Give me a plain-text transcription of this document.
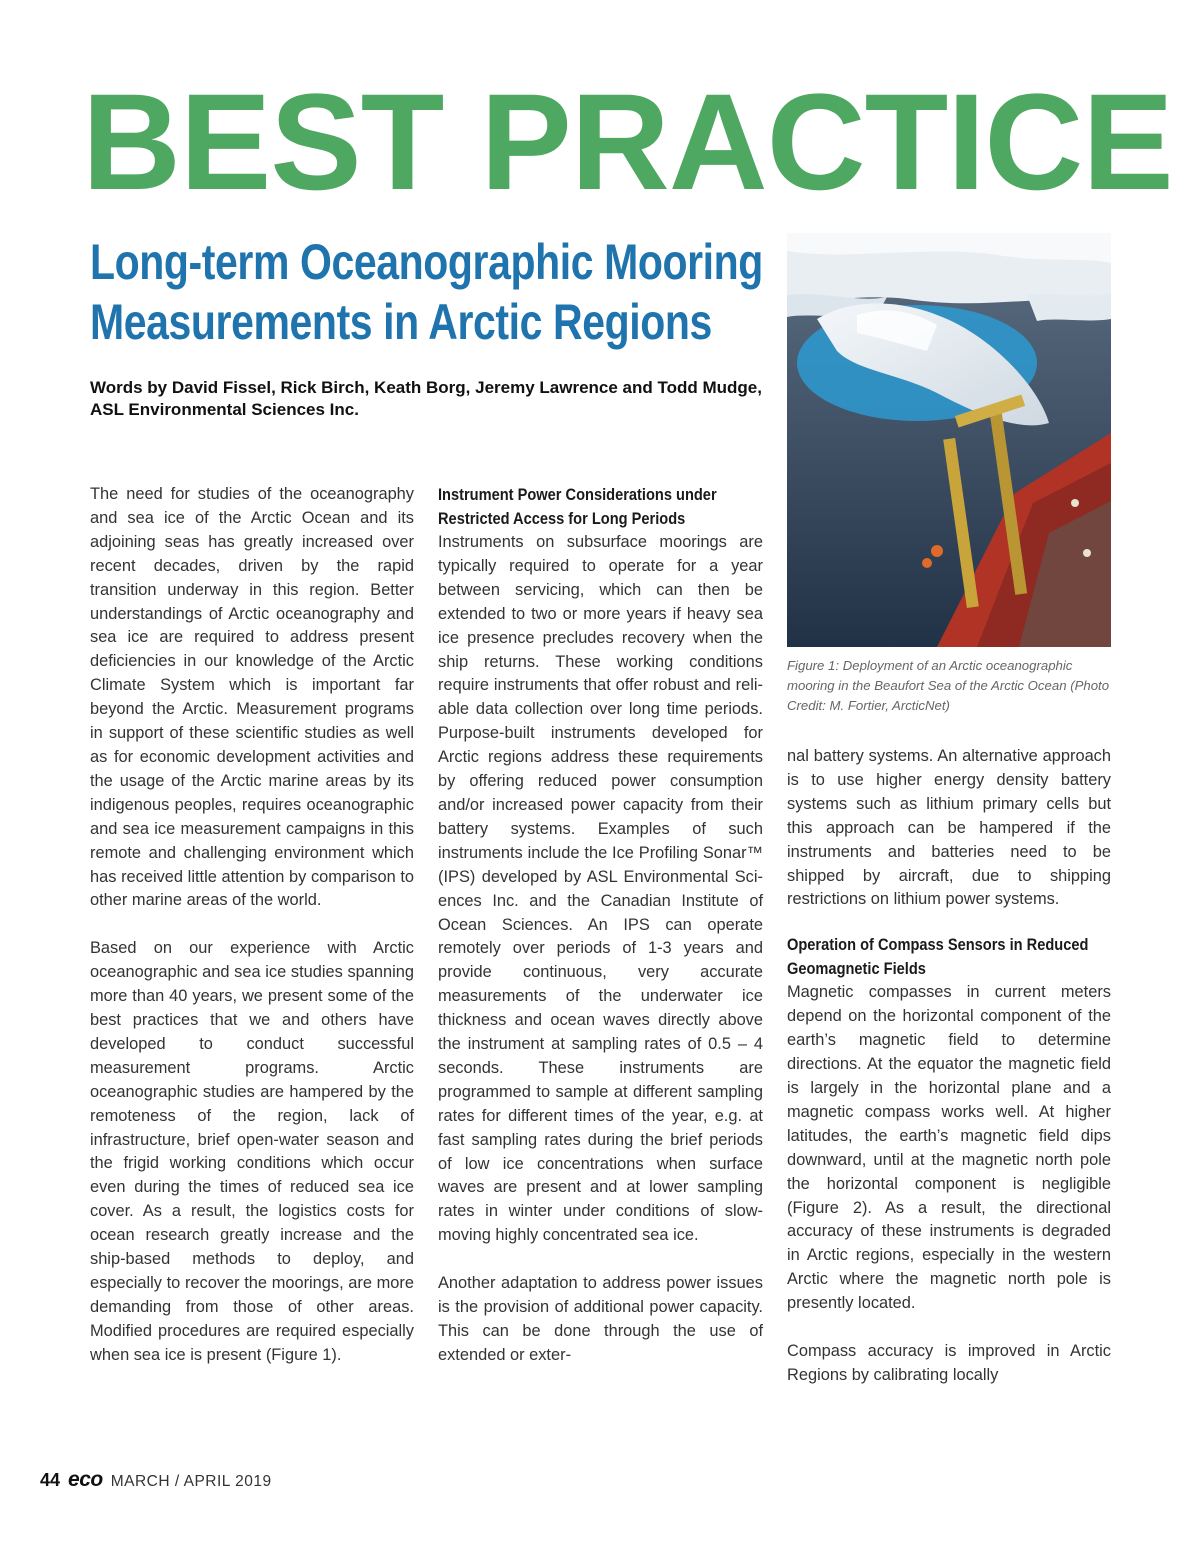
BEST PRACTICE
Long-term Oceanographic Mooring
Measurements in Arctic Regions
Words by David Fissel, Rick Birch, Keath Borg, Jeremy Lawrence and Todd Mudge, ASL Environmental Sciences Inc.
Figure 1: Deployment of an Arctic oceanographic mooring in the Beaufort Sea of the Arctic Ocean (Photo Credit: M. Fortier, ArcticNet)

The need for studies of the oceanography and sea ice of the Arctic Ocean and its adjoining seas has greatly increased over recent decades, driven by the rapid transition underway in this region. Better understandings of Arctic oceanography and sea ice are required to address present deficiencies in our knowledge of the Arctic Climate System which is important far beyond the Arctic. Measurement programs in support of these scientific studies as well as for economic development activities and the usage of the Arctic marine areas by its indigenous peoples, requires oceanographic and sea ice measurement campaigns in this remote and challenging environment which has received little attention by comparison to other marine areas of the world.

Based on our experience with Arctic oceanographic and sea ice studies spanning more than 40 years, we present some of the best practices that we and others have developed to conduct successful measurement programs. Arctic oceanographic studies are hampered by the remoteness of the region, lack of infrastructure, brief open-water season and the frigid working conditions which occur even during the times of reduced sea ice cover. As a result, the logistics costs for ocean research greatly increase and the ship-based methods to deploy, and especially to recover the moorings, are more demanding from those of other areas. Modified procedures are required especially when sea ice is present (Figure 1).

Instrument Power Considerations under Restricted Access for Long Periods

Instruments on subsurface moorings are typically required to operate for a year between servicing, which can then be extended to two or more years if heavy sea ice presence precludes recovery when the ship returns. These working conditions require instruments that offer robust and reliable data collection over long time periods. Purpose-built instruments developed for Arctic regions address these requirements by offering reduced power consumption and/or increased power capacity from their battery systems. Examples of such instruments include the Ice Profiling Sonar™ (IPS) developed by ASL Environmental Sciences Inc. and the Canadian Institute of Ocean Sciences. An IPS can operate remotely over periods of 1-3 years and provide continuous, very accurate measurements of the underwater ice thickness and ocean waves directly above the instrument at sampling rates of 0.5 – 4 seconds. These instruments are programmed to sample at different sampling rates for different times of the year, e.g. at fast sampling rates during the brief periods of low ice concentrations when surface waves are present and at lower sampling rates in winter under conditions of slow-moving highly concentrated sea ice.

Another adaptation to address power issues is the provision of additional power capacity. This can be done through the use of extended or exter-

nal battery systems. An alternative approach is to use higher energy density battery systems such as lithium primary cells but this approach can be hampered if the instruments and batteries need to be shipped by aircraft, due to shipping restrictions on lithium power systems.

Operation of Compass Sensors in Reduced Geomagnetic Fields

Magnetic compasses in current meters depend on the horizontal component of the earth’s magnetic field to determine directions. At the equator the magnetic field is largely in the horizontal plane and a magnetic compass works well. At higher latitudes, the earth’s magnetic field dips downward, until at the magnetic north pole the horizontal component is negligible (Figure 2). As a result, the directional accuracy of these instruments is degraded in Arctic regions, especially in the western Arctic where the magnetic north pole is presently located.

Compass accuracy is improved in Arctic Regions by calibrating locally

44 eco MARCH / APRIL 2019
